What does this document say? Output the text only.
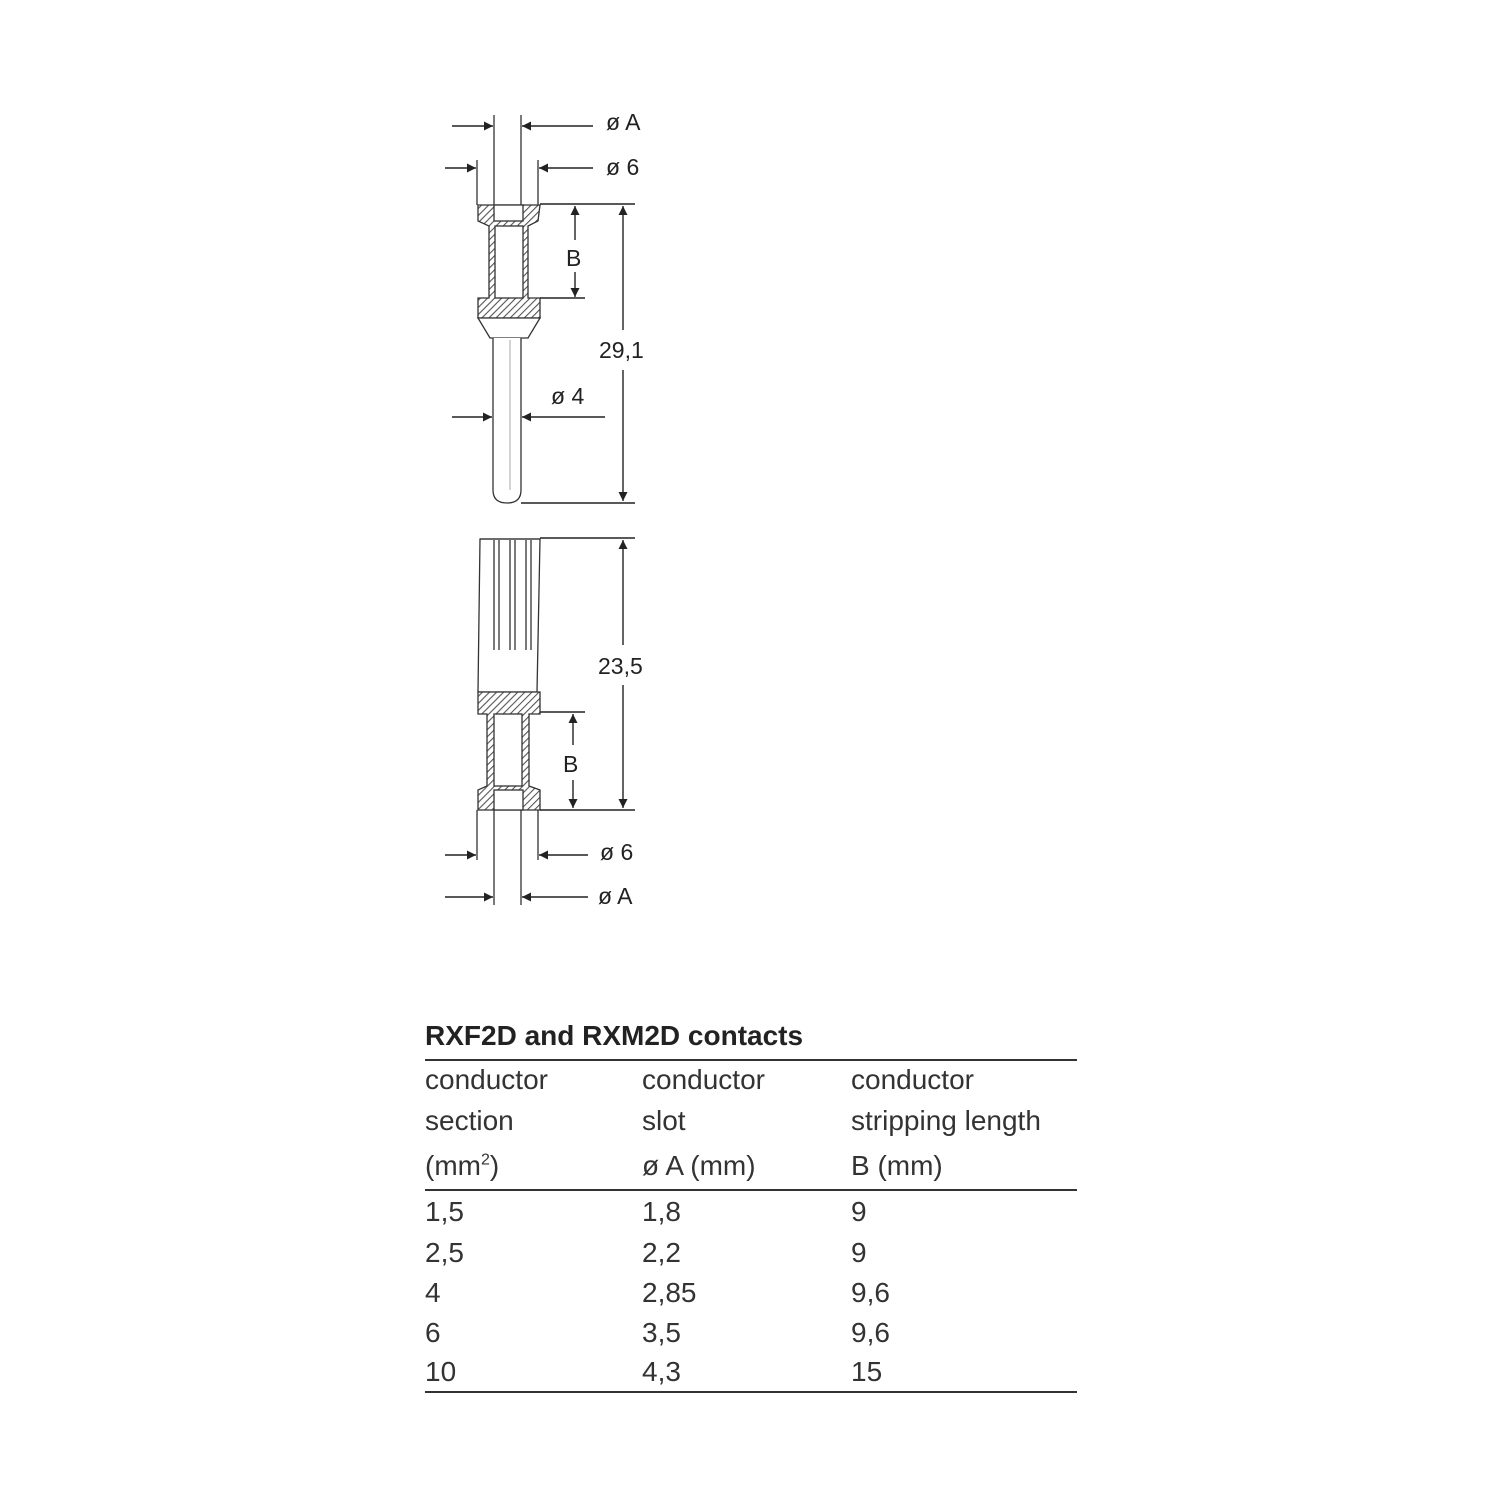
ø A
ø 6
B
29,1
ø 4
23,5
B
ø 6
ø A
RXF2D and RXM2D contacts
conductor	conductor	conductor
section	slot	stripping length
$(mm^2)$	ø A (mm)	B (mm)
1,5	1,8	9
2,5	2,2	9
4	2,85	9,6
6	3,5	9,6
10	4,3	15
